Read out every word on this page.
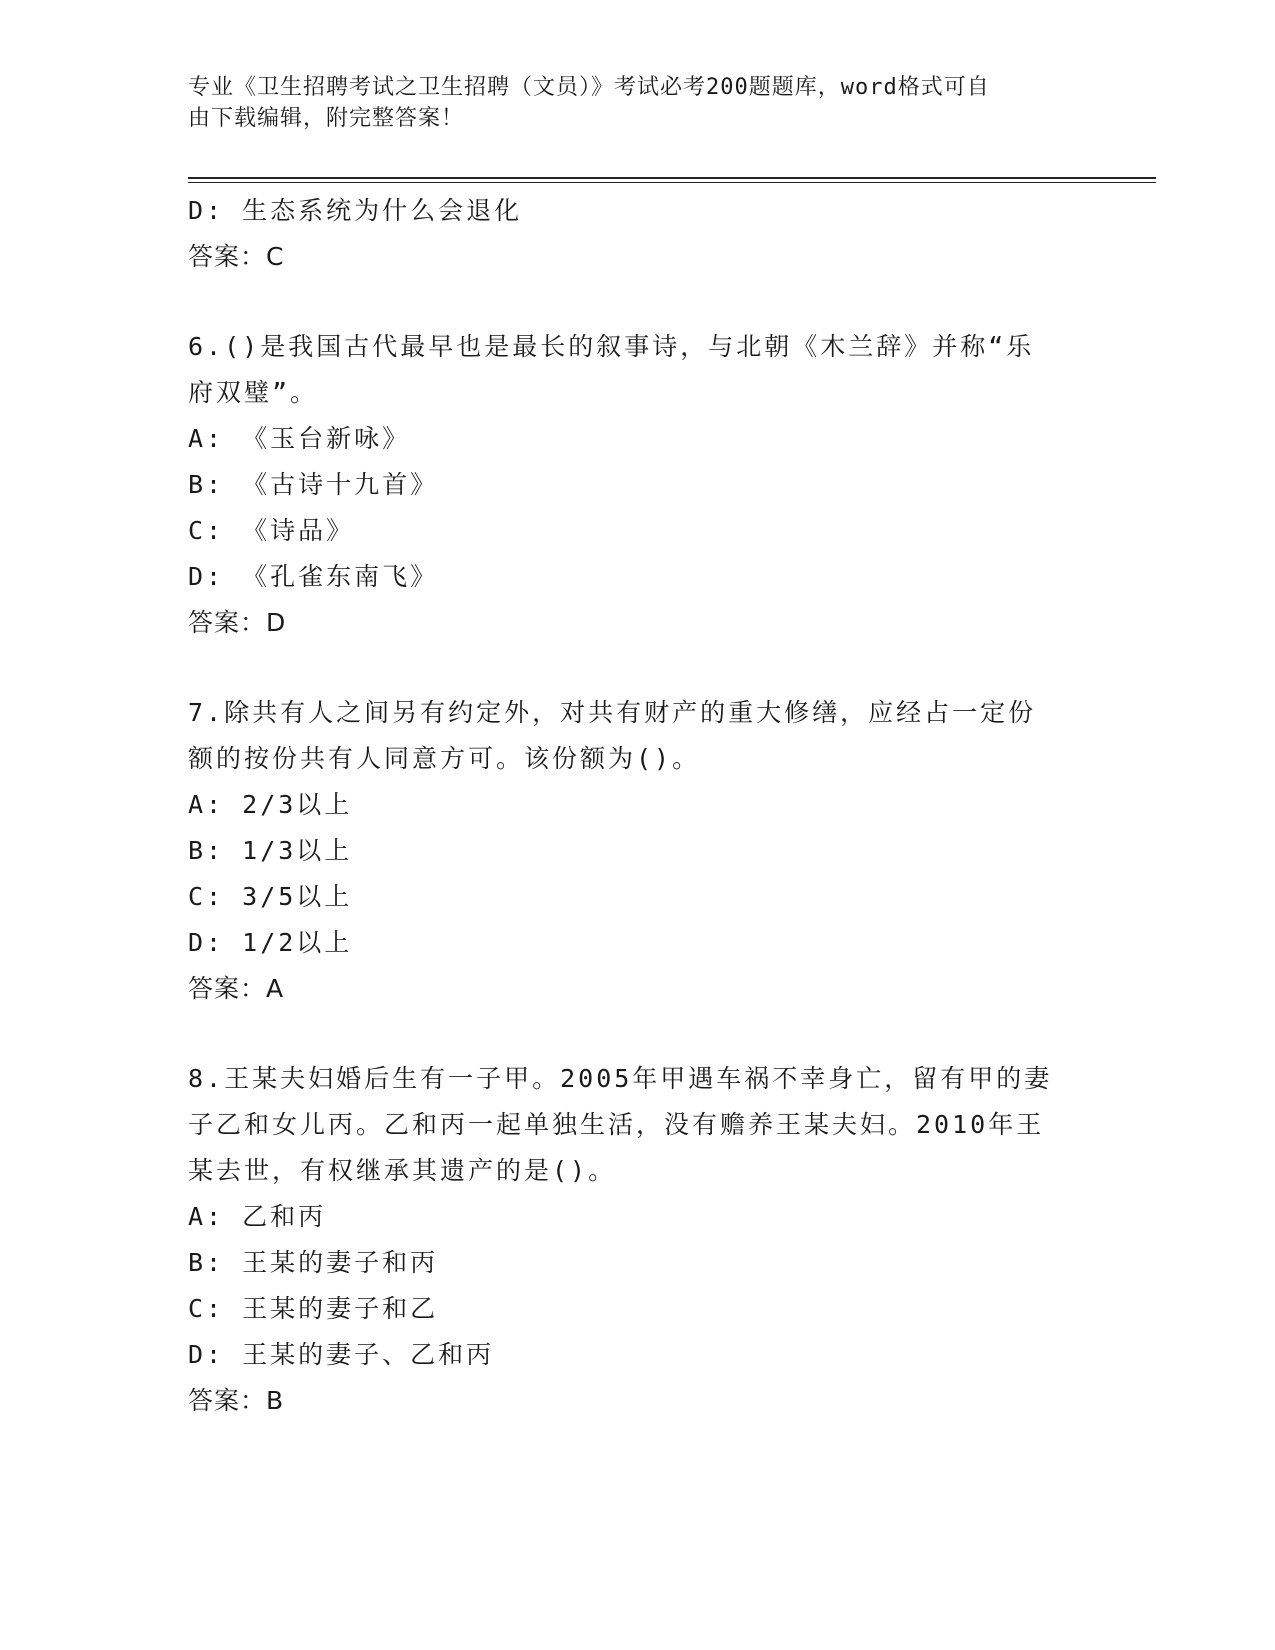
专业《卫生招聘考试之卫生招聘（文员）》考试必考200题题库，word格式可自
由下载编辑，附完整答案！
D: 生态系统为什么会退化
答案：C
6.()是我国古代最早也是最长的叙事诗，与北朝《木兰辞》并称“乐
府双璧”。
A: 《玉台新咏》
B: 《古诗十九首》
C: 《诗品》
D: 《孔雀东南飞》
答案：D
7.除共有人之间另有约定外，对共有财产的重大修缮，应经占一定份
额的按份共有人同意方可。该份额为()。
A: 2/3以上
B: 1/3以上
C: 3/5以上
D: 1/2以上
答案：A
8.王某夫妇婚后生有一子甲。2005年甲遇车祸不幸身亡，留有甲的妻
子乙和女儿丙。乙和丙一起单独生活，没有赡养王某夫妇。2010年王
某去世，有权继承其遗产的是()。
A: 乙和丙
B: 王某的妻子和丙
C: 王某的妻子和乙
D: 王某的妻子、乙和丙
答案：B
